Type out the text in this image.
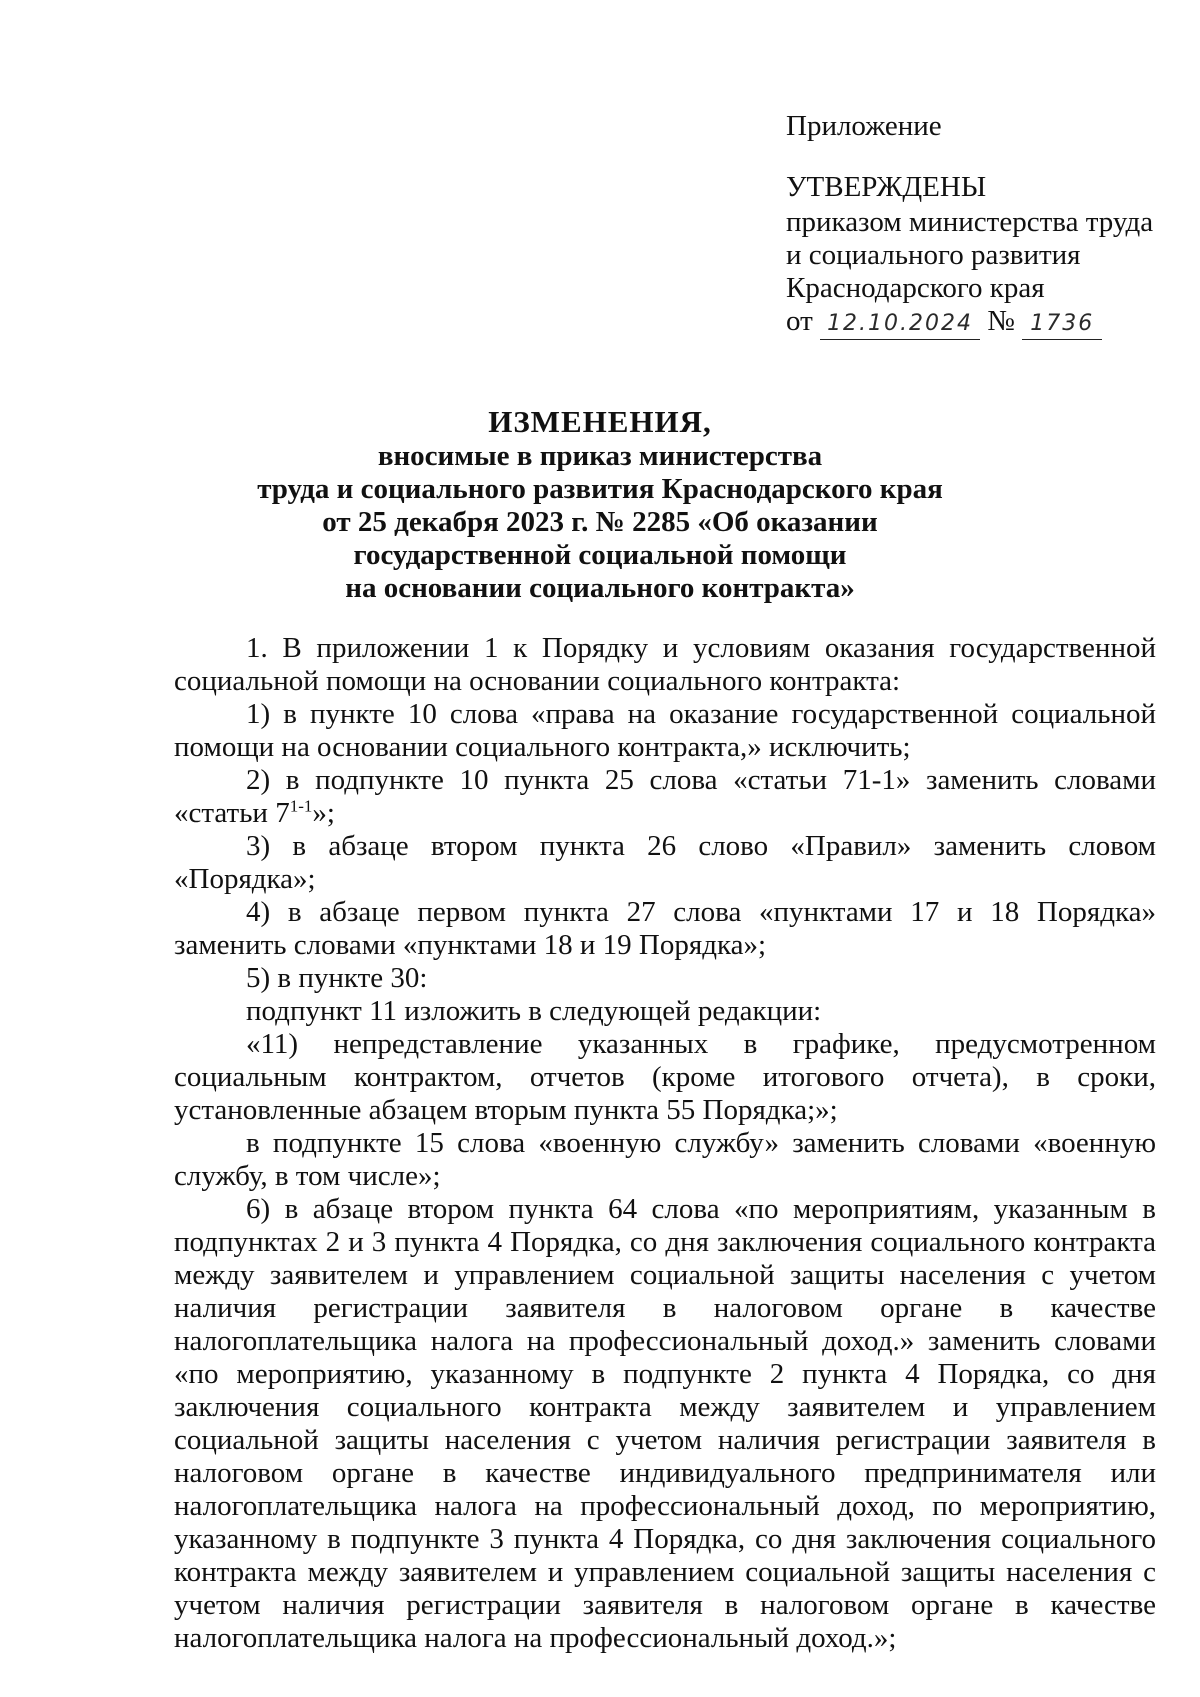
Приложение
УТВЕРЖДЕНЫ
приказом министерства труда
и социального развития
Краснодарского края
от 12.10.2024 № 1736
ИЗМЕНЕНИЯ,
вносимые в приказ министерства
труда и социального развития Краснодарского края
от 25 декабря 2023 г. № 2285 «Об оказании
государственной социальной помощи
на основании социального контракта»

1. В приложении 1 к Порядку и условиям оказания государственной социальной помощи на основании социального контракта:

1) в пункте 10 слова «права на оказание государственной социальной помощи на основании социального контракта,» исключить;

2) в подпункте 10 пункта 25 слова «статьи 71-1» заменить словами «статьи 7$^{1-1}$»;

3) в абзаце втором пункта 26 слово «Правил» заменить словом «Порядка»;

4) в абзаце первом пункта 27 слова «пунктами 17 и 18 Порядка» заменить словами «пунктами 18 и 19 Порядка»;

5) в пункте 30:

подпункт 11 изложить в следующей редакции:

«11) непредставление указанных в графике, предусмотренном социальным контрактом, отчетов (кроме итогового отчета), в сроки, установленные абзацем вторым пункта 55 Порядка;»;

в подпункте 15 слова «военную службу» заменить словами «военную службу, в том числе»;

6) в абзаце втором пункта 64 слова «по мероприятиям, указанным в подпунктах 2 и 3 пункта 4 Порядка, со дня заключения социального контракта между заявителем и управлением социальной защиты населения с учетом наличия регистрации заявителя в налоговом органе в качестве налогоплательщика налога на профессиональный доход.» заменить словами «по мероприятию, указанному в подпункте 2 пункта 4 Порядка, со дня заключения социального контракта между заявителем и управлением социальной защиты населения с учетом наличия регистрации заявителя в налоговом органе в качестве индивидуального предпринимателя или налогоплательщика налога на профессиональный доход, по мероприятию, указанному в подпункте 3 пункта 4 Порядка, со дня заключения социального контракта между заявителем и управлением социальной защиты населения с учетом наличия регистрации заявителя в налоговом органе в качестве налогоплательщика налога на профессиональный доход.»;
